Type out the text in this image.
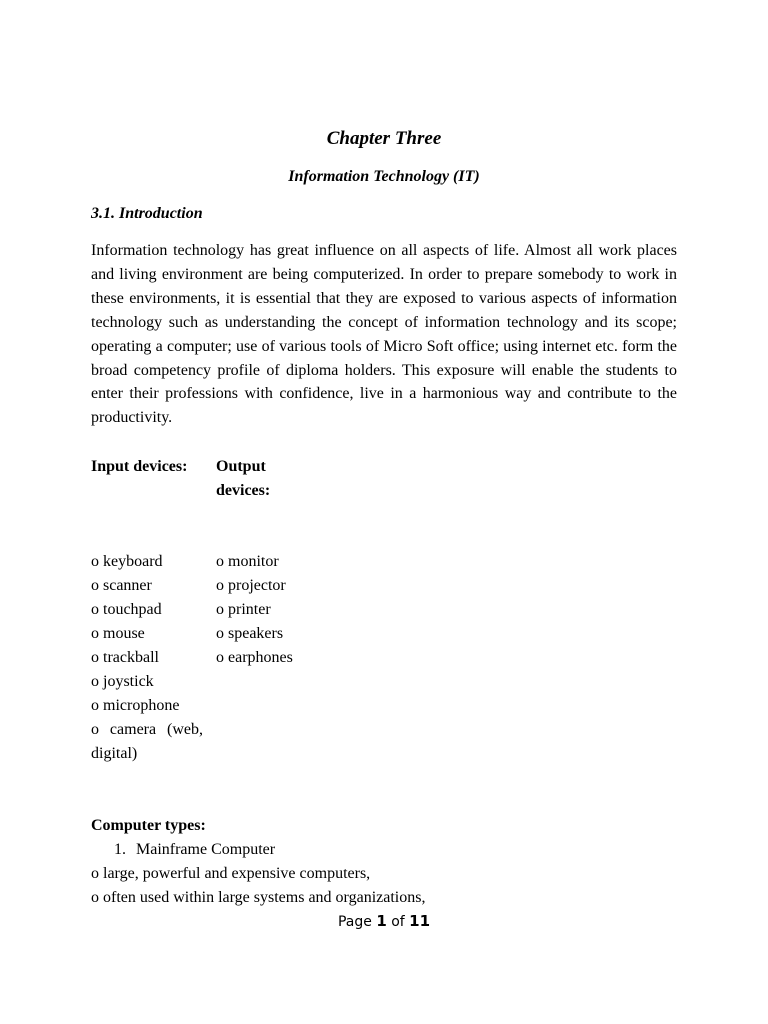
Chapter Three
Information Technology (IT)
3.1. Introduction

Information technology has great influence on all aspects of life. Almost all work places and living environment are being computerized. In order to prepare somebody to work in these environments, it is essential that they are exposed to various aspects of information technology such as understanding the concept of information technology and its scope; operating a computer; use of various tools of Micro Soft office; using internet etc. form the broad competency profile of diploma holders. This exposure will enable the students to enter their professions with confidence, live in a harmonious way and contribute to the productivity.

Input devices:	Output devices:
o keyboard
o scanner
o touchpad
o mouse
o trackball
o joystick
o microphone
o camera (web, digital)
o monitor
o projector
o printer
o speakers
o earphones
Computer types:
1. Mainframe Computer
o large, powerful and expensive computers,
o often used within large systems and organizations,
Page 1 of 11
